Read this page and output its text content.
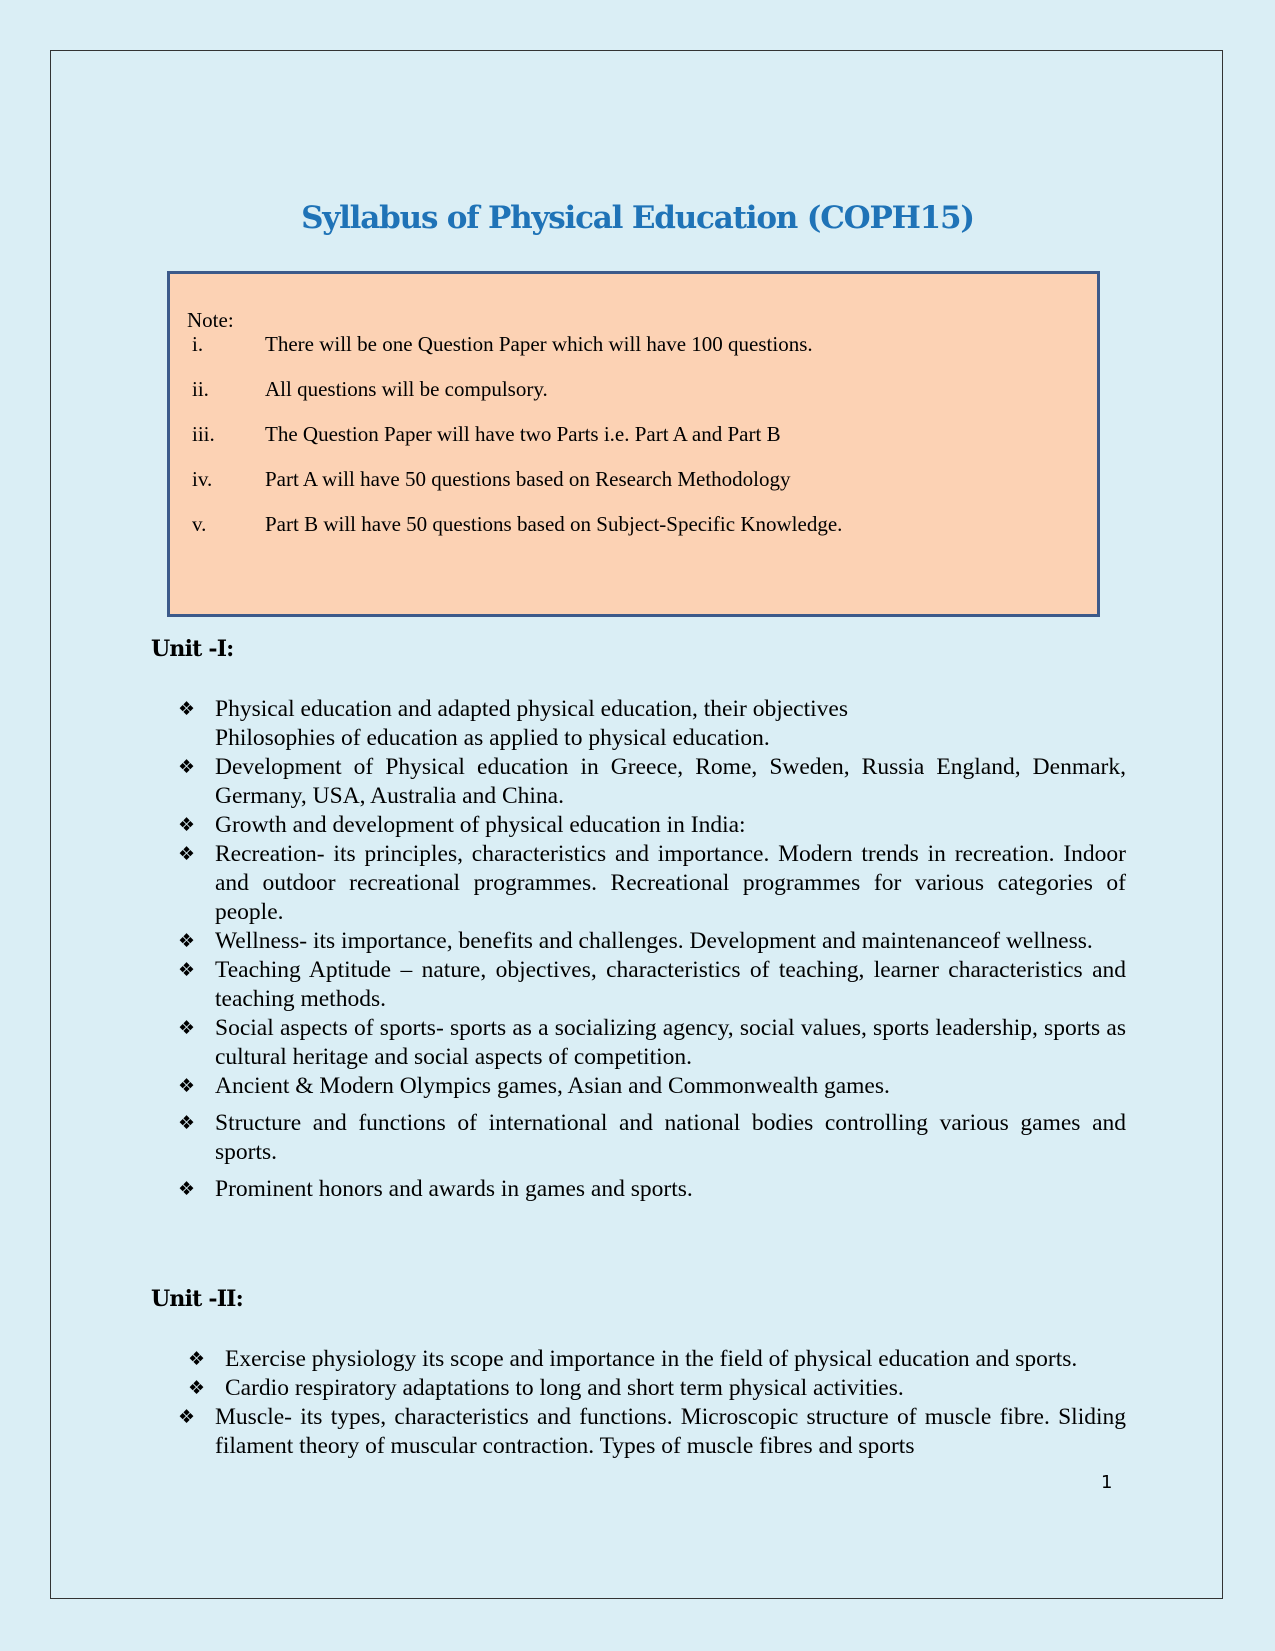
Syllabus of Physical Education (COPH15)

Note:

i.	There will be one Question Paper which will have 100 questions.
ii.	All questions will be compulsory.
iii. The Question Paper will have two Parts i.e. Part A and Part B
iv.	Part A will have 50 questions based on Research Methodology
v.	Part B will have 50 questions based on Subject-Specific Knowledge.
Unit -I:
❖ Physical education and adapted physical education, their objectives
Philosophies of education as applied to physical education.
❖ Development of Physical education in Greece, Rome, Sweden, Russia England, Denmark, Germany, USA, Australia and China.
❖ Growth and development of physical education in India:
❖ Recreation- its principles, characteristics and importance. Modern trends in recreation. Indoor and outdoor recreational programmes. Recreational programmes for various categories of people.
❖ Wellness- its importance, benefits and challenges. Development and maintenanceof wellness.
❖ Teaching Aptitude – nature, objectives, characteristics of teaching, learner characteristics and teaching methods.
❖ Social aspects of sports- sports as a socializing agency, social values, sports leadership, sports as cultural heritage and social aspects of competition.
❖ Ancient & Modern Olympics games, Asian and Commonwealth games.
❖ Structure and functions of international and national bodies controlling various games and sports.
❖ Prominent honors and awards in games and sports.
Unit -II:
❖ Exercise physiology its scope and importance in the field of physical education and sports.
❖ Cardio respiratory adaptations to long and short term physical activities.
❖ Muscle- its types, characteristics and functions. Microscopic structure of muscle fibre. Sliding filament theory of muscular contraction. Types of muscle fibres and sports
1
